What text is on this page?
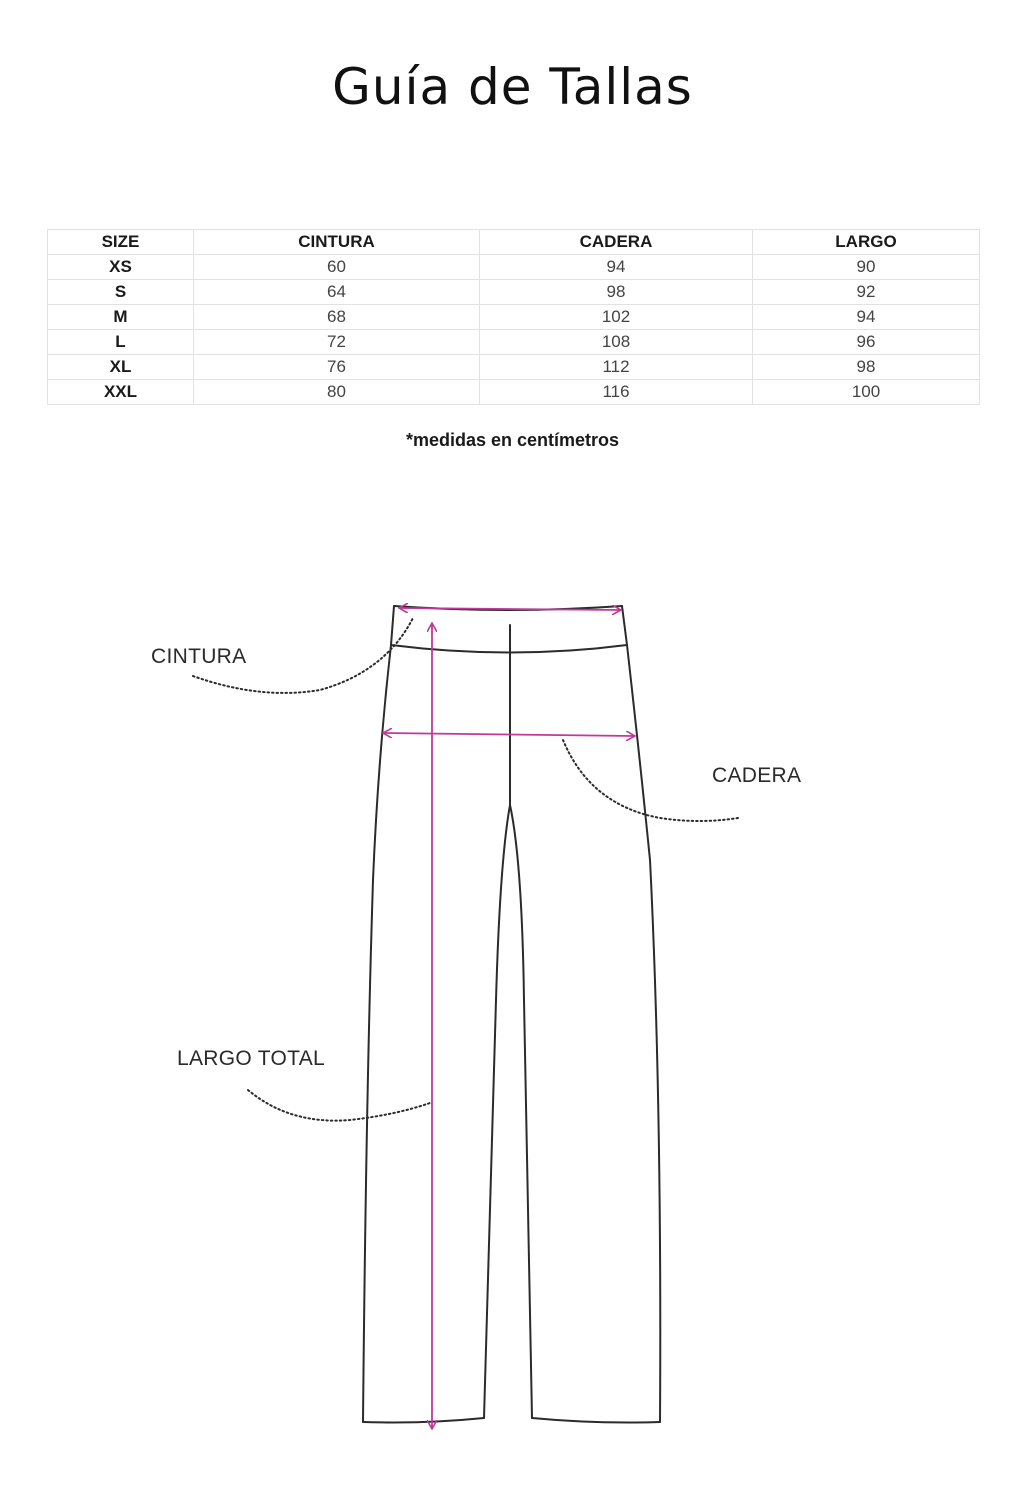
Guía de Tallas
SIZE	CINTURA	CADERA	LARGO
XS	60	94	90
S	64	98	92
M	68	102	94
L	72	108	96
XL	76	112	98
XXL	80	116	100
*medidas en centímetros
CINTURA
CADERA
LARGO TOTAL
